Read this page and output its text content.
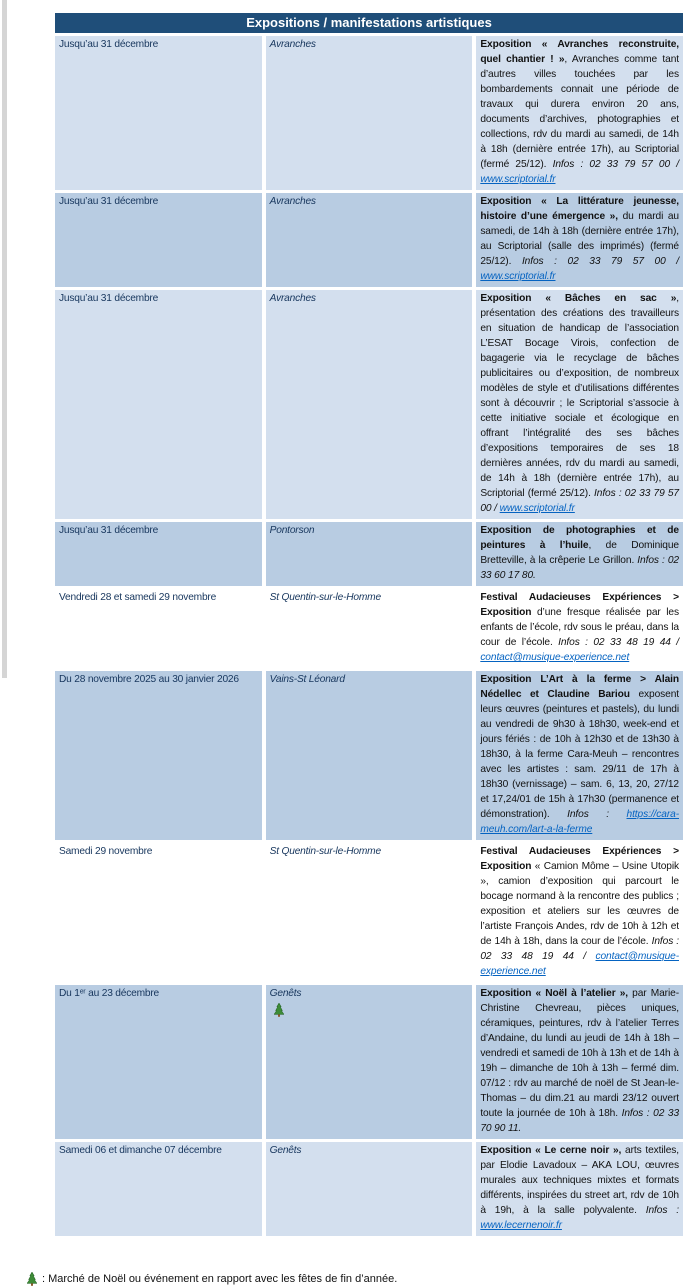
Expositions / manifestations artistiques		
Jusqu’au 31 décembre	Avranches	Exposition « Avranches reconstruite, quel chantier ! », Avranches comme tant d’autres villes touchées par les bombardements connait une période de travaux qui durera environ 20 ans, documents d’archives, photographies et collections, rdv du mardi au samedi, de 14h à 18h (dernière entrée 17h), au Scriptorial (fermé 25/12). Infos : 02 33 79 57 00 / www.scriptorial.fr
Jusqu’au 31 décembre	Avranches	Exposition « La littérature jeunesse, histoire d’une émergence », du mardi au samedi, de 14h à 18h (dernière entrée 17h), au Scriptorial (salle des imprimés) (fermé 25/12). Infos : 02 33 79 57 00 / www.scriptorial.fr
Jusqu’au 31 décembre	Avranches	Exposition « Bâches en sac », présentation des créations des travailleurs en situation de handicap de l’association L’ESAT Bocage Virois, confection de bagagerie via le recyclage de bâches publicitaires ou d’exposition, de nombreux modèles de style et d’utilisations différentes sont à découvrir ; le Scriptorial s’associe à cette initiative sociale et écologique en offrant l’intégralité des ses bâches d’expositions temporaires de ses 18 dernières années, rdv du mardi au samedi, de 14h à 18h (dernière entrée 17h), au Scriptorial (fermé 25/12). Infos : 02 33 79 57 00 / www.scriptorial.fr
Jusqu’au 31 décembre	Pontorson	Exposition de photographies et de peintures à l’huile, de Dominique Bretteville, à la crêperie Le Grillon. Infos : 02 33 60 17 80.
Vendredi 28 et samedi 29 novembre	St Quentin-sur-le-Homme	Festival Audacieuses Expériences > Exposition d’une fresque réalisée par les enfants de l’école, rdv sous le préau, dans la cour de l’école. Infos : 02 33 48 19 44 / contact@musique-experience.net
Du 28 novembre 2025 au 30 janvier 2026	Vains-St Léonard	Exposition L’Art à la ferme > Alain Nédellec et Claudine Bariou exposent leurs œuvres (peintures et pastels), du lundi au vendredi de 9h30 à 18h30, week-end et jours fériés : de 10h à 12h30 et de 13h30 à 18h30, à la ferme Cara-Meuh – rencontres avec les artistes : sam. 29/11 de 17h à 18h30 (vernissage) – sam. 6, 13, 20, 27/12 et 17,24/01 de 15h à 17h30 (permanence et démonstration). Infos : https://cara-meuh.com/lart-a-la-ferme
Samedi 29 novembre	St Quentin-sur-le-Homme	Festival Audacieuses Expériences > Exposition « Camion Môme – Usine Utopik », camion d’exposition qui parcourt le bocage normand à la rencontre des publics ; exposition et ateliers sur les œuvres de l’artiste François Andes, rdv de 10h à 12h et de 14h à 18h, dans la cour de l’école. Infos : 02 33 48 19 44 / contact@musique-experience.net
Du 1ᵉʳ au 23 décembre	Genêts	Exposition « Noël à l’atelier », par Marie-Christine Chevreau, pièces uniques, céramiques, peintures, rdv à l’atelier Terres d’Andaine, du lundi au jeudi de 14h à 18h – vendredi et samedi de 10h à 13h et de 14h à 19h – dimanche de 10h à 13h – fermé dim. 07/12 : rdv au marché de noël de St Jean-le-Thomas – du dim.21 au mardi 23/12 ouvert toute la journée de 10h à 18h. Infos : 02 33 70 90 11.
Samedi 06 et dimanche 07 décembre	Genêts	Exposition « Le cerne noir », arts textiles, par Elodie Lavadoux – AKA LOU, œuvres murales aux techniques mixtes et formats différents, inspirées du street art, rdv de 10h à 19h, à la salle polyvalente. Infos : www.lecernenoir.fr
: Marché de Noël ou événement en rapport avec les fêtes de fin d’année.
